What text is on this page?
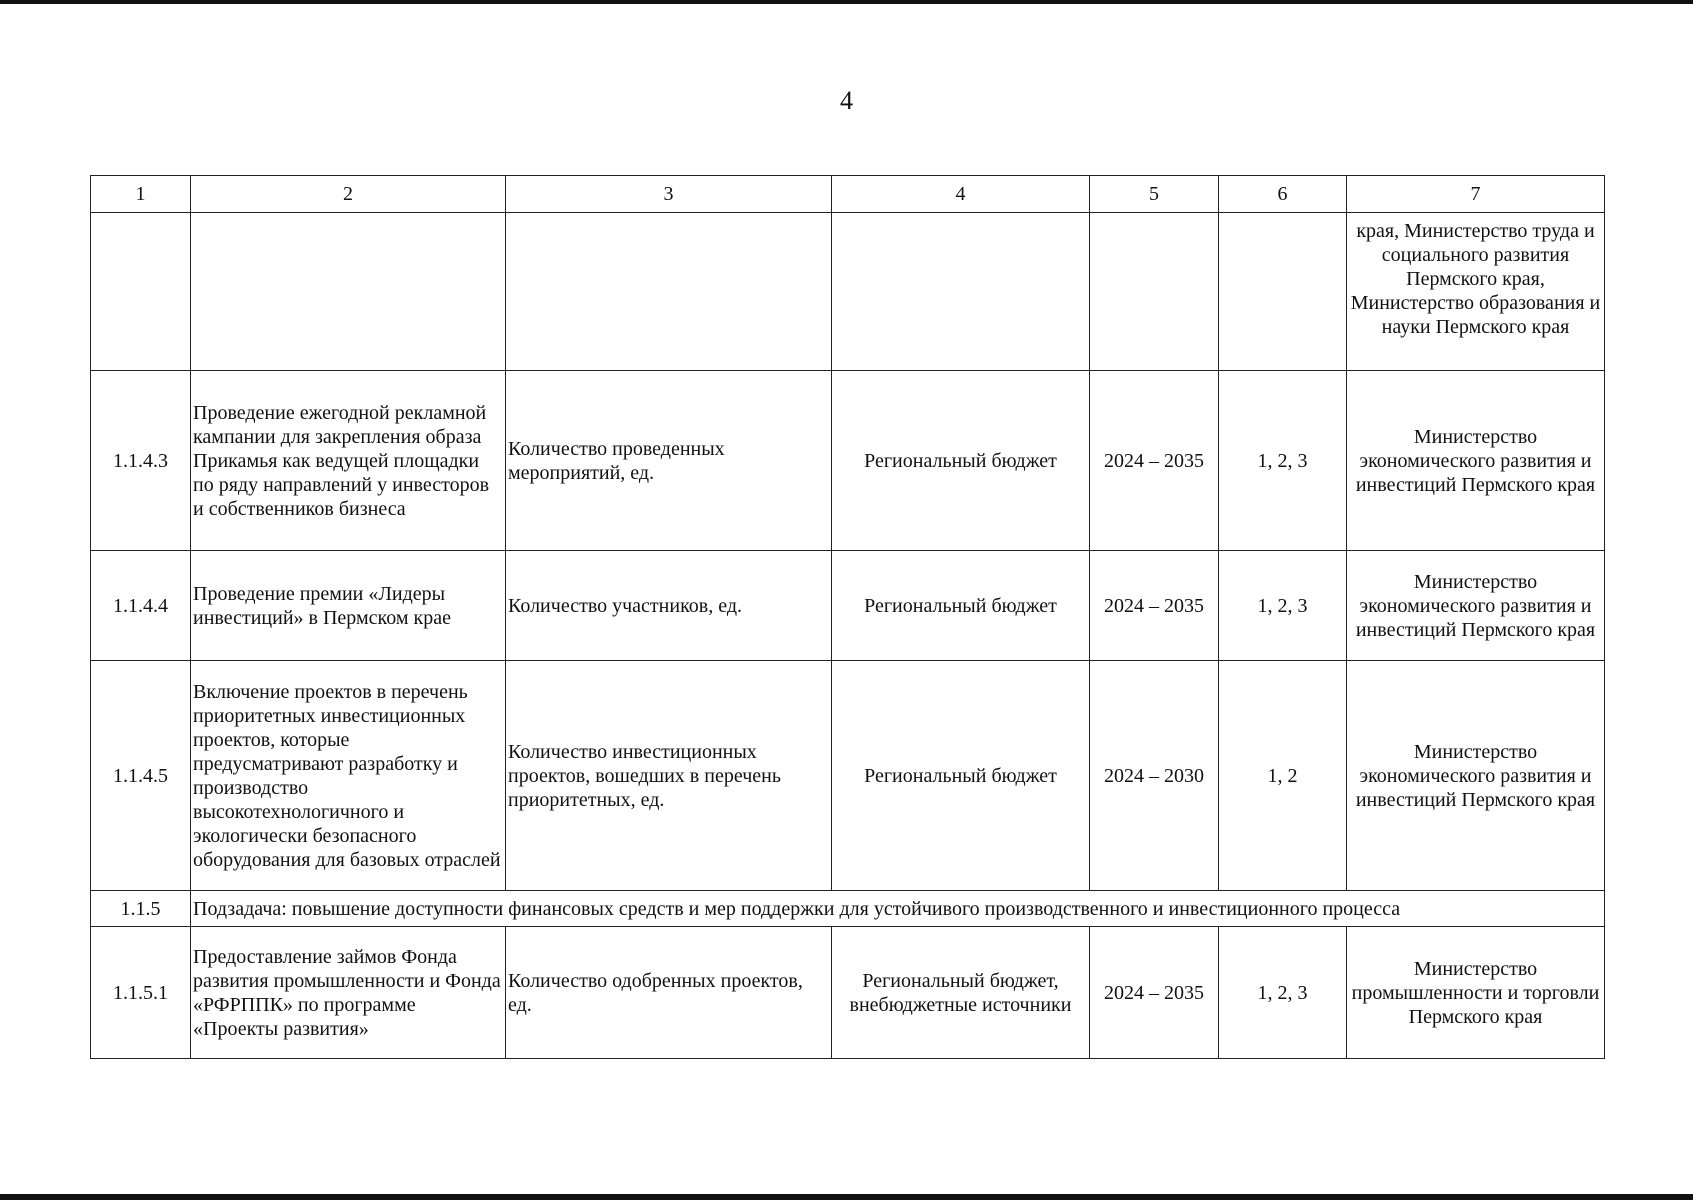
4
1	2	3	4	5	6	7
						края, Министерство труда и социального развития Пермского края, Министерство образования и науки Пермского края
1.1.4.3	Проведение ежегодной рекламной кампании для закрепления образа Прикамья как ведущей площадки по ряду направлений у инвесторов и собственников бизнеса	Количество проведенных мероприятий, ед.	Региональный бюджет	2024 – 2035	1, 2, 3	Министерство экономического развития и инвестиций Пермского края
1.1.4.4	Проведение премии «Лидеры инвестиций» в Пермском крае	Количество участников, ед.	Региональный бюджет	2024 – 2035	1, 2, 3	Министерство экономического развития и инвестиций Пермского края
1.1.4.5	Включение проектов в перечень приоритетных инвестиционных проектов, которые предусматривают разработку и производство высокотехнологичного и экологически безопасного оборудования для базовых отраслей	Количество инвестиционных проектов, вошедших в перечень приоритетных, ед.	Региональный бюджет	2024 – 2030	1, 2	Министерство экономического развития и инвестиций Пермского края
1.1.5	Подзадача: повышение доступности финансовых средств и мер поддержки для устойчивого производственного и инвестиционного процесса					
1.1.5.1	Предоставление займов Фонда развития промышленности и Фонда «РФРППК» по программе «Проекты развития»	Количество одобренных проектов, ед.	Региональный бюджет, внебюджетные источники	2024 – 2035	1, 2, 3	Министерство промышленности и торговли Пермского края
